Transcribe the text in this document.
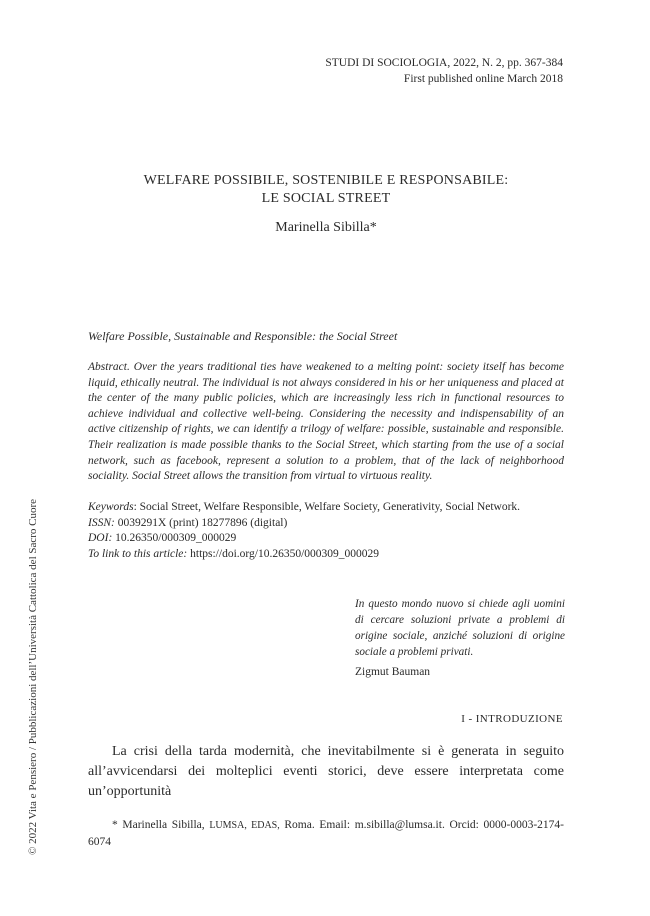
STUDI DI SOCIOLOGIA, 2022, N. 2, pp. 367-384
First published online March 2018
WELFARE POSSIBILE, SOSTENIBILE E RESPONSABILE:
LE SOCIAL STREET
Marinella Sibilla*
Welfare Possible, Sustainable and Responsible: the Social Street
Abstract. Over the years traditional ties have weakened to a melting point: society itself has become liquid, ethically neutral. The individual is not always considered in his or her uniqueness and placed at the center of the many public policies, which are increasingly less rich in functional resources to achieve individual and collective well-being. Considering the necessity and indispensability of an active citizenship of rights, we can identify a trilogy of welfare: possible, sustainable and responsible. Their realization is made possible thanks to the Social Street, which starting from the use of a social network, such as facebook, represent a solution to a problem, that of the lack of neighborhood sociality. Social Street allows the transition from virtual to virtuous reality.
Keywords: Social Street, Welfare Responsible, Welfare Society, Generativity, Social Network.
ISSN: 0039291X (print) 18277896 (digital)
DOI: 10.26350/000309_000029
To link to this article: https://doi.org/10.26350/000309_000029
In questo mondo nuovo si chiede agli uomini di cercare soluzioni private a problemi di origine sociale, anziché soluzioni di origine sociale a problemi privati.
Zigmut Bauman
I - INTRODUZIONE
La crisi della tarda modernità, che inevitabilmente si è generata in seguito all’avvicendarsi dei molteplici eventi storici, deve essere interpretata come un’opportunità
* Marinella Sibilla, LUMSA, EDAS, Roma. Email: m.sibilla@lumsa.it. Orcid: 0000-0003-2174-6074
© 2022 Vita e Pensiero / Pubblicazioni dell’Università Cattolica del Sacro Cuore
